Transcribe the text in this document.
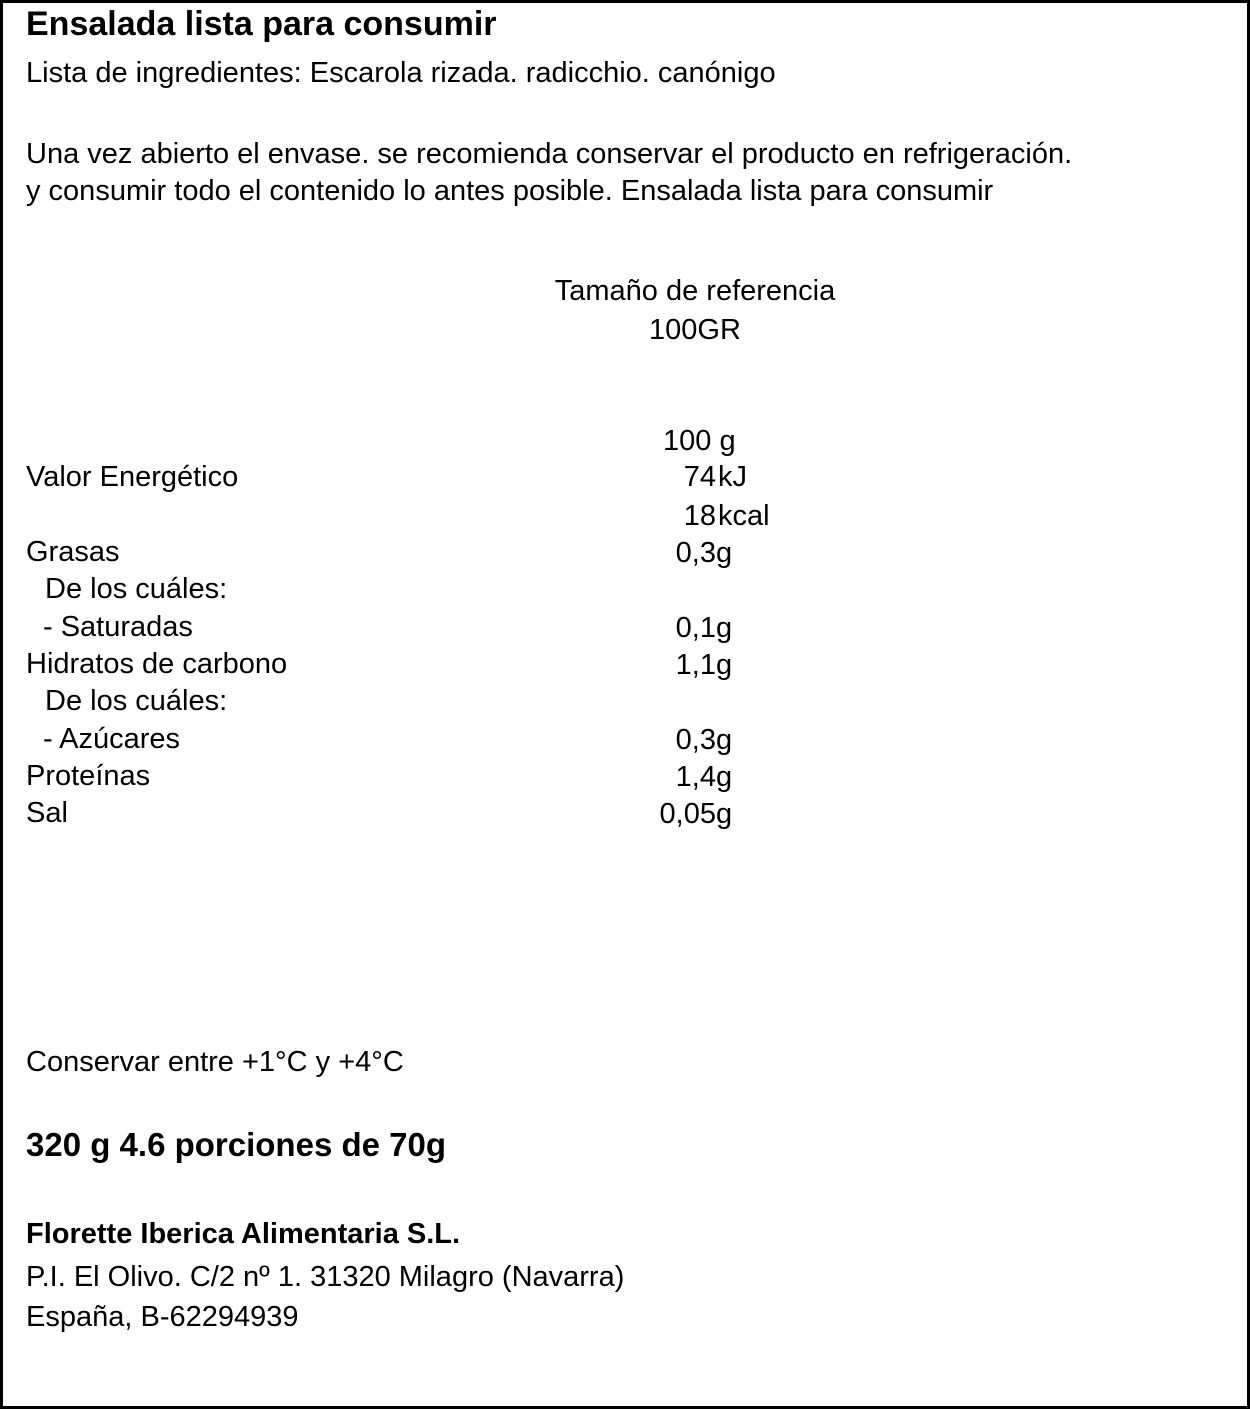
Ensalada lista para consumir
Lista de ingredientes: Escarola rizada. radicchio. canónigo
Una vez abierto el envase. se recomienda conservar el producto en refrigeración.
y consumir todo el contenido lo antes posible. Ensalada lista para consumir
Tamaño de referencia
100GR
100 g
Valor Energético	74 kJ
18 kcal
Grasas	0,3 g
De los cuáles:
- Saturadas	0,1 g
Hidratos de carbono	1,1 g
De los cuáles:
- Azúcares	0,3 g
Proteínas	1,4 g
Sal	0,05 g
Conservar entre +1°C y +4°C
320 g 4.6 porciones de 70g
Florette Iberica Alimentaria S.L.
P.I. El Olivo. C/2 nº 1. 31320 Milagro (Navarra)
España, B-62294939
